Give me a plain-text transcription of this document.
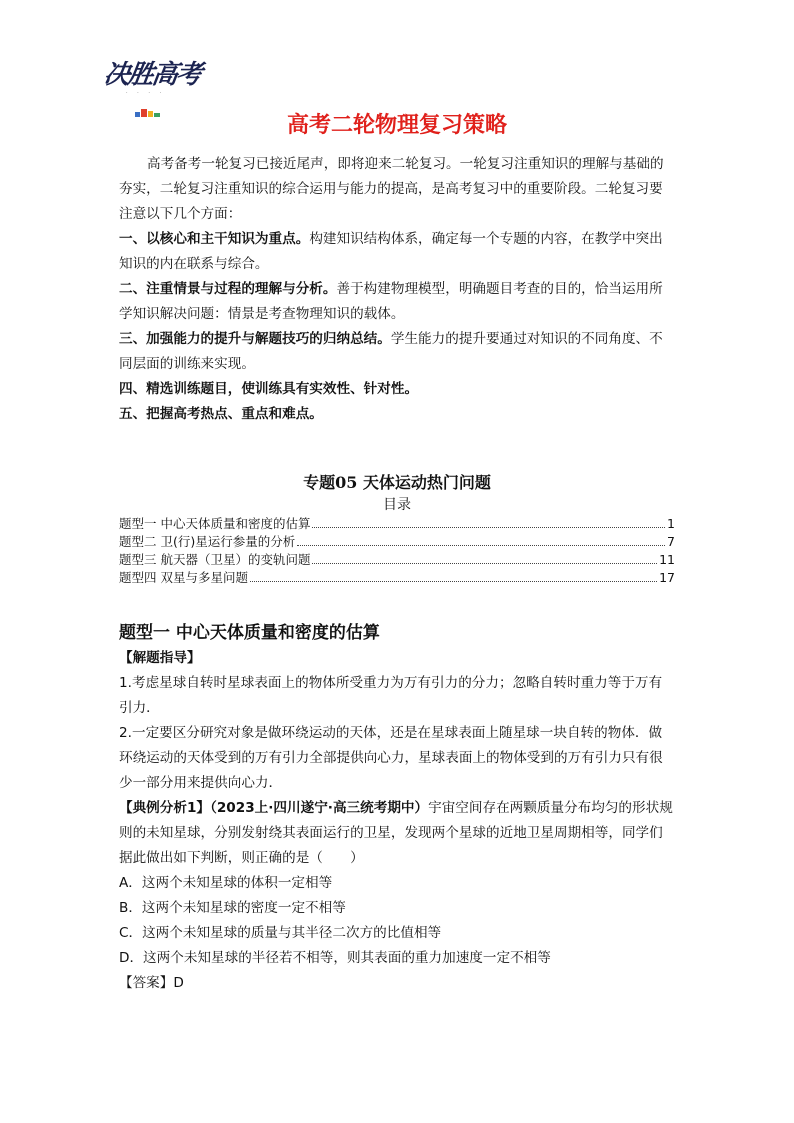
决胜高考
· · · ·
高考二轮物理复习策略

高考备考一轮复习已接近尾声，即将迎来二轮复习。一轮复习注重知识的理解与基础的夯实，二轮复习注重知识的综合运用与能力的提高，是高考复习中的重要阶段。二轮复习要注意以下几个方面：

一、以核心和主干知识为重点。构建知识结构体系，确定每一个专题的内容，在教学中突出知识的内在联系与综合。

二、注重情景与过程的理解与分析。善于构建物理模型，明确题目考查的目的，恰当运用所学知识解决问题：情景是考查物理知识的载体。

三、加强能力的提升与解题技巧的归纳总结。学生能力的提升要通过对知识的不同角度、不同层面的训练来实现。

四、精选训练题目，使训练具有实效性、针对性。

五、把握高考热点、重点和难点。

专题05 天体运动热门问题
目录
题型一 中心天体质量和密度的估算	1
题型二 卫(行)星运行参量的分析	7
题型三 航天器（卫星）的变轨问题	11
题型四 双星与多星问题	17
题型一 中心天体质量和密度的估算

【解题指导】

1.考虑星球自转时星球表面上的物体所受重力为万有引力的分力；忽略自转时重力等于万有引力．

2.一定要区分研究对象是做环绕运动的天体，还是在星球表面上随星球一块自转的物体．做环绕运动的天体受到的万有引力全部提供向心力，星球表面上的物体受到的万有引力只有很少一部分用来提供向心力．

【典例分析1】（2023上·四川遂宁·高三统考期中）宇宙空间存在两颗质量分布均匀的形状规则的未知星球，分别发射绕其表面运行的卫星，发现两个星球的近地卫星周期相等，同学们据此做出如下判断，则正确的是（　　）

A．这两个未知星球的体积一定相等

B．这两个未知星球的密度一定不相等

C．这两个未知星球的质量与其半径二次方的比值相等

D．这两个未知星球的半径若不相等，则其表面的重力加速度一定不相等

【答案】D
